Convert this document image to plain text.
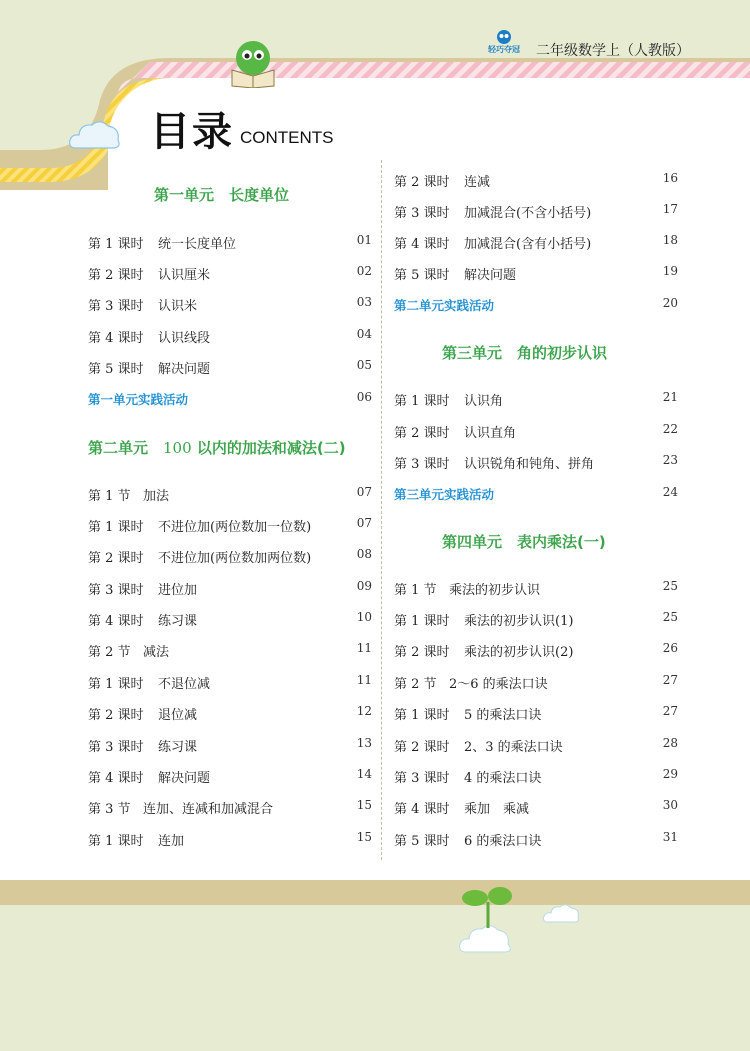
轻巧夺冠	二年级数学上（人教版）
目录 CONTENTS
第一单元　长度单位
第 1 课时 统一长度单位	01
第 2 课时 认识厘米	02
第 3 课时 认识米	03
第 4 课时 认识线段	04
第 5 课时 解决问题	05
第一单元实践活动	06
第二单元　100 以内的加法和减法(二)
第 1 节 加法	07
第 1 课时 不进位加(两位数加一位数)	07
第 2 课时 不进位加(两位数加两位数)	08
第 3 课时 进位加	09
第 4 课时 练习课	10
第 2 节 减法	11
第 1 课时 不退位减	11
第 2 课时 退位减	12
第 3 课时 练习课	13
第 4 课时 解决问题	14
第 3 节 连加、连减和加减混合	15
第 1 课时 连加	15
第 2 课时 连减	16
第 3 课时 加减混合(不含小括号)	17
第 4 课时 加减混合(含有小括号)	18
第 5 课时 解决问题	19
第二单元实践活动	20
第三单元　角的初步认识
第 1 课时 认识角	21
第 2 课时 认识直角	22
第 3 课时 认识锐角和钝角、拼角	23
第三单元实践活动	24
第四单元　表内乘法(一)
第 1 节 乘法的初步认识	25
第 1 课时 乘法的初步认识(1)	25
第 2 课时 乘法的初步认识(2)	26
第 2 节 2～6 的乘法口诀	27
第 1 课时 5 的乘法口诀	27
第 2 课时 2、3 的乘法口诀	28
第 3 课时 4 的乘法口诀	29
第 4 课时 乘加　乘减	30
第 5 课时 6 的乘法口诀	31
